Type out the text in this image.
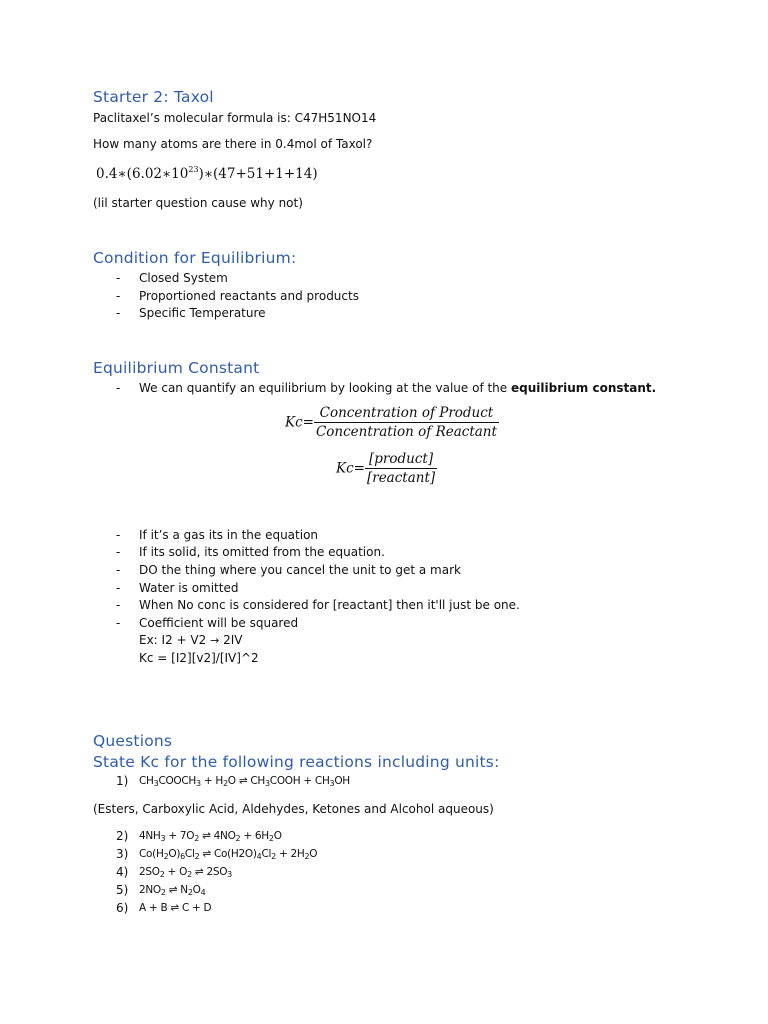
Starter 2: Taxol
Paclitaxel’s molecular formula is: C47H51NO14
How many atoms are there in 0.4mol of Taxol?
$0.4∗(6.02∗10^{23})∗(47+51+1+14)$
(lil starter question cause why not)
Condition for Equilibrium:
- Closed System
- Proportioned reactants and products
- Specific Temperature
Equilibrium Constant
- We can quantify an equilibrium by looking at the value of the equilibrium constant.
$Kc= \frac{\text{Concentration of Product}}{\text{Concentration of Reactant}}$
$Kc= \frac{\text{[product]}}{\text{[reactant]}}$
- If it’s a gas its in the equation
- If its solid, its omitted from the equation.
- DO the thing where you cancel the unit to get a mark
- Water is omitted
- When No conc is considered for [reactant] then it'll just be one.
- Coefficient will be squared
Ex: I2 + V2 → 2IV
Kc = [I2][v2]/[IV]^2
Questions
State Kc for the following reactions including units:
1) $CH_3COOCH_3 + H_2O$ ⇌ $CH_3COOH + CH_3OH$
(Esters, Carboxylic Acid, Aldehydes, Ketones and Alcohol aqueous)
2) $4NH_3 + 7O_2$ ⇌ $4NO_2 + 6H_2O$
3) $Co(H_2O)_6Cl_2$ ⇌ $Co(H2O)_4Cl_2 + 2H_2O$
4) $2SO_2 + O_2$ ⇌ $2SO_3$
5) $2NO_2$ ⇌ $N_2O_4$
6) A + B ⇌ C + D
